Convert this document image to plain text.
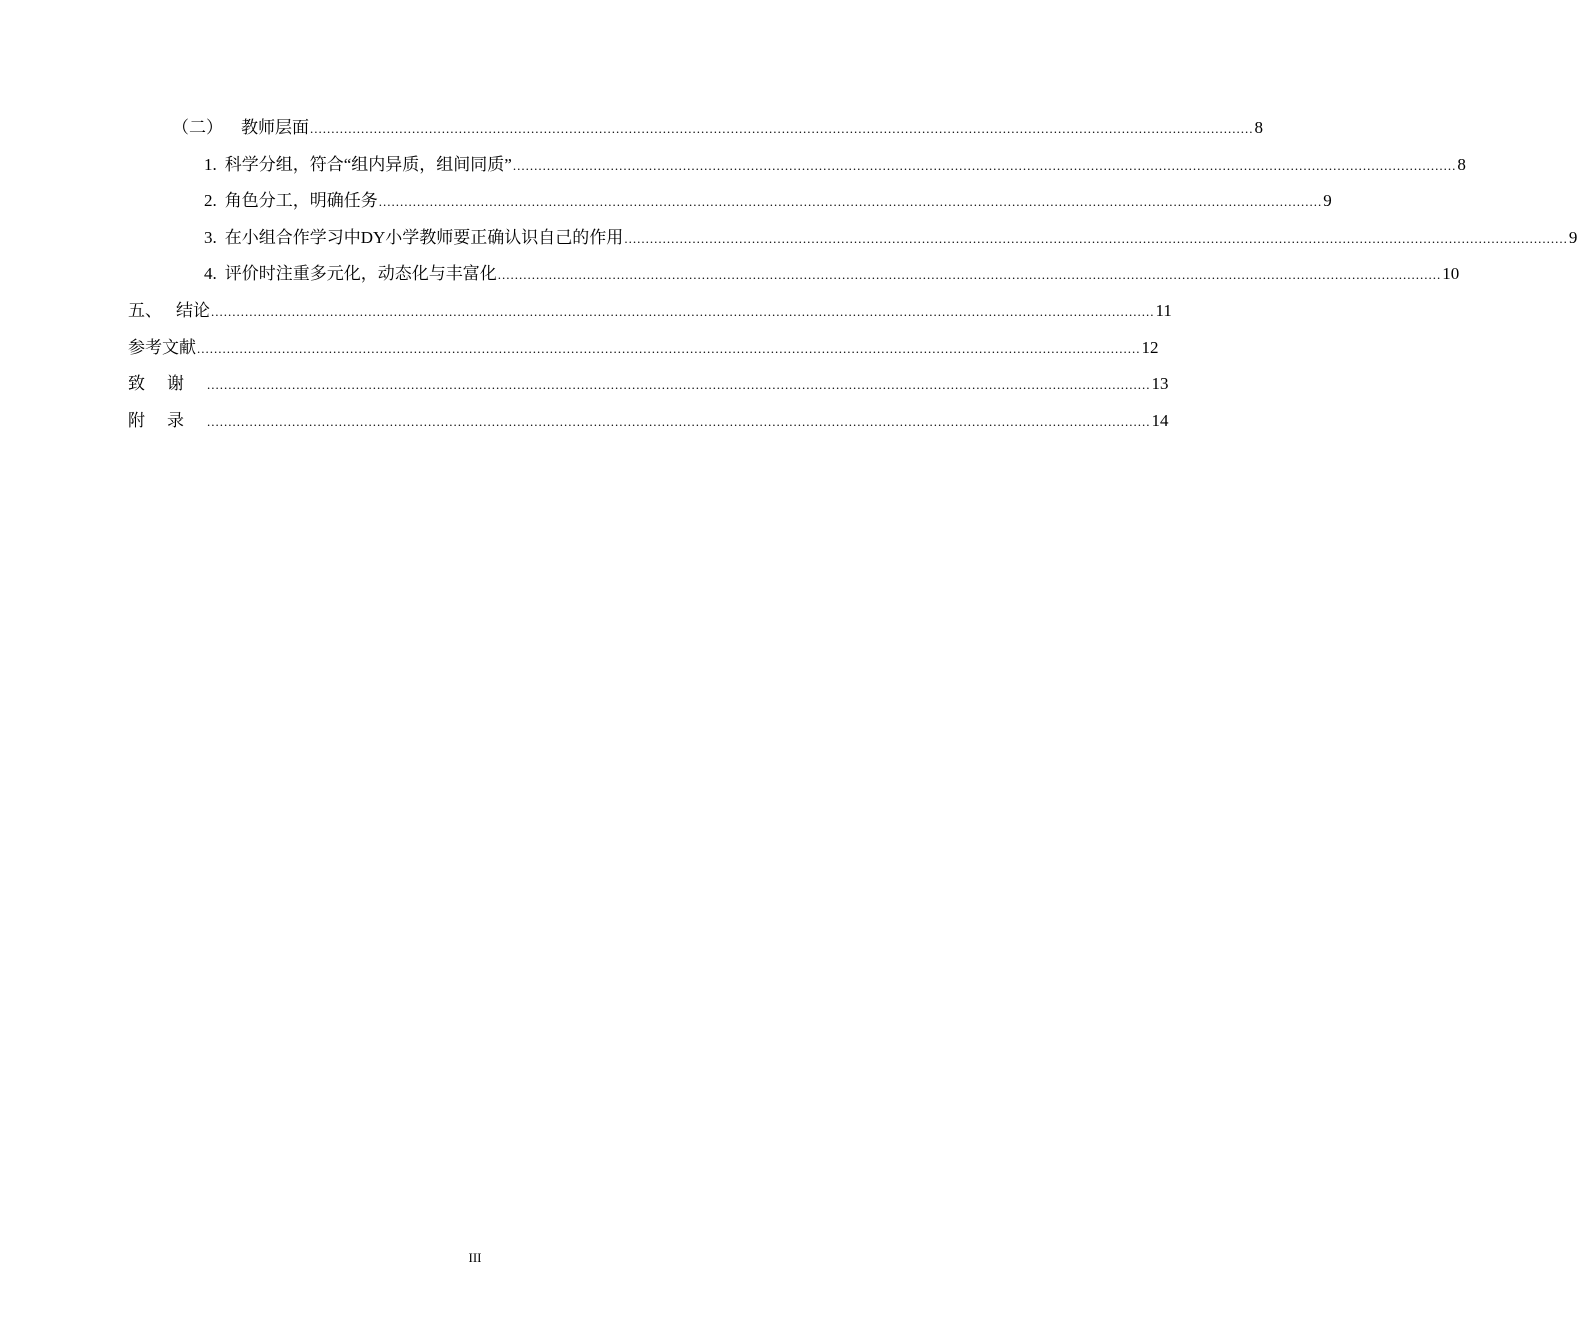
（二） 教师层面 .............................................................................................................................................................................................................................. 8
1. 科学分组，符合“组内异质，组间同质” .............................................................................................................................................................................................................................. 8
2. 角色分工，明确任务 .............................................................................................................................................................................................................................. 9
3. 在小组合作学习中DY小学教师要正确认识自己的作用 .............................................................................................................................................................................................................................. 9
4. 评价时注重多元化，动态化与丰富化 .............................................................................................................................................................................................................................. 10
五、 结论 .............................................................................................................................................................................................................................. 11
参考文献 .............................................................................................................................................................................................................................. 12
致谢 .............................................................................................................................................................................................................................. 13
附录 .............................................................................................................................................................................................................................. 14
III
